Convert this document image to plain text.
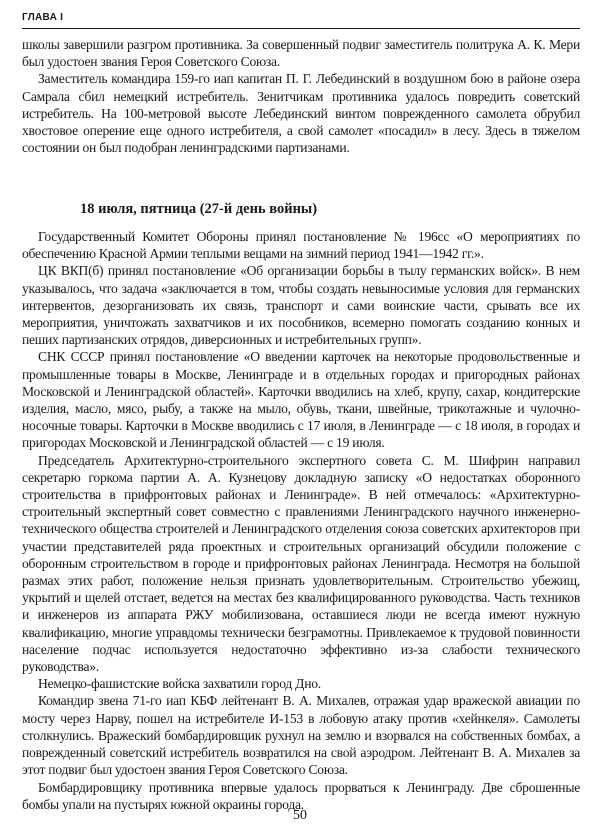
ГЛАВА I

школы завершили разгром противника. За совершенный подвиг заместитель политрука А. К. Мери был удостоен звания Героя Советского Союза.

Заместитель командира 159-го иап капитан П. Г. Лебединский в воздушном бою в районе озера Самрала сбил немецкий истребитель. Зенитчикам противника удалось повредить советский истребитель. На 100-метровой высоте Лебединский винтом поврежденного самолета обрубил хвостовое оперение еще одного истребителя, а свой самолет «посадил» в лесу. Здесь в тяжелом состоянии он был подобран ленинградскими партизанами.

18 июля, пятница (27-й день войны)

Государственный Комитет Обороны принял постановление № 196сс «О мероприятиях по обеспечению Красной Армии теплыми вещами на зимний период 1941—1942 гг.».

ЦК ВКП(б) принял постановление «Об организации борьбы в тылу германских войск». В нем указывалось, что задача «заключается в том, чтобы создать невыносимые условия для германских интервентов, дезорганизовать их связь, транспорт и сами воинские части, срывать все их мероприятия, уничтожать захватчиков и их пособников, всемерно помогать созданию конных и пеших партизанских отрядов, диверсионных и истребительных групп».

СНК СССР принял постановление «О введении карточек на некоторые продовольственные и промышленные товары в Москве, Ленинграде и в отдельных городах и пригородных районах Московской и Ленинградской областей». Карточки вводились на хлеб, крупу, сахар, кондитерские изделия, масло, мясо, рыбу, а также на мыло, обувь, ткани, швейные, трикотажные и чулочно-носочные товары. Карточки в Москве вводились с 17 июля, в Ленинграде — с 18 июля, в городах и пригородах Московской и Ленинградской областей — с 19 июля.

Председатель Архитектурно-строительного экспертного совета С. М. Шифрин направил секретарю горкома партии А. А. Кузнецову докладную записку «О недостатках оборонного строительства в прифронтовых районах и Ленинграде». В ней отмечалось: «Архитектурно-строительный экспертный совет совместно с правлениями Ленинградского научного инженерно-технического общества строителей и Ленинградского отделения союза советских архитекторов при участии представителей ряда проектных и строительных организаций обсудили положение с оборонным строительством в городе и прифронтовых районах Ленинграда. Несмотря на большой размах этих работ, положение нельзя признать удовлетворительным. Строительство убежищ, укрытий и щелей отстает, ведется на местах без квалифицированного руководства. Часть техников и инженеров из аппарата РЖУ мобилизована, оставшиеся люди не всегда имеют нужную квалификацию, многие управдомы технически безграмотны. Привлекаемое к трудовой повинности население подчас используется недостаточно эффективно из-за слабости технического руководства».

Немецко-фашистские войска захватили город Дно.

Командир звена 71-го иап КБФ лейтенант В. А. Михалев, отражая удар вражеской авиации по мосту через Нарву, пошел на истребителе И-153 в лобовую атаку против «хейнкеля». Самолеты столкнулись. Вражеский бомбардировщик рухнул на землю и взорвался на собственных бомбах, а поврежденный советский истребитель возвратился на свой аэродром. Лейтенант В. А. Михалев за этот подвиг был удостоен звания Героя Советского Союза.

Бомбардировщику противника впервые удалось прорваться к Ленинграду. Две сброшенные бомбы упали на пустырях южной окраины города.

50
